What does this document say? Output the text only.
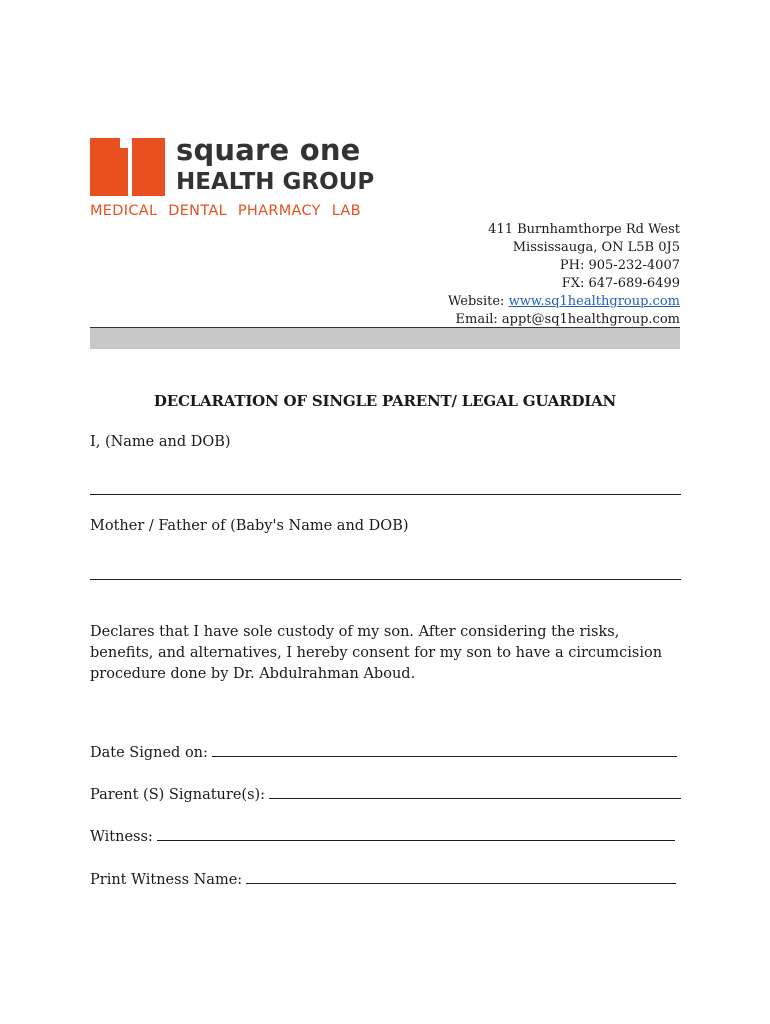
square one
HEALTH GROUP
MEDICAL DENTAL PHARMACY LAB
411 Burnhamthorpe Rd West
Mississauga, ON L5B 0J5
PH: 905-232-4007
FX: 647-689-6499
Website: www.sq1healthgroup.com
Email: appt@sq1healthgroup.com
DECLARATION OF SINGLE PARENT/ LEGAL GUARDIAN
I, (Name and DOB)
Mother / Father of (Baby's Name and DOB)
Declares that I have sole custody of my son. After considering the risks, benefits, and alternatives, I hereby consent for my son to have a circumcision procedure done by Dr. Abdulrahman Aboud.
Date Signed on:
Parent (S) Signature(s):
Witness:
Print Witness Name:
